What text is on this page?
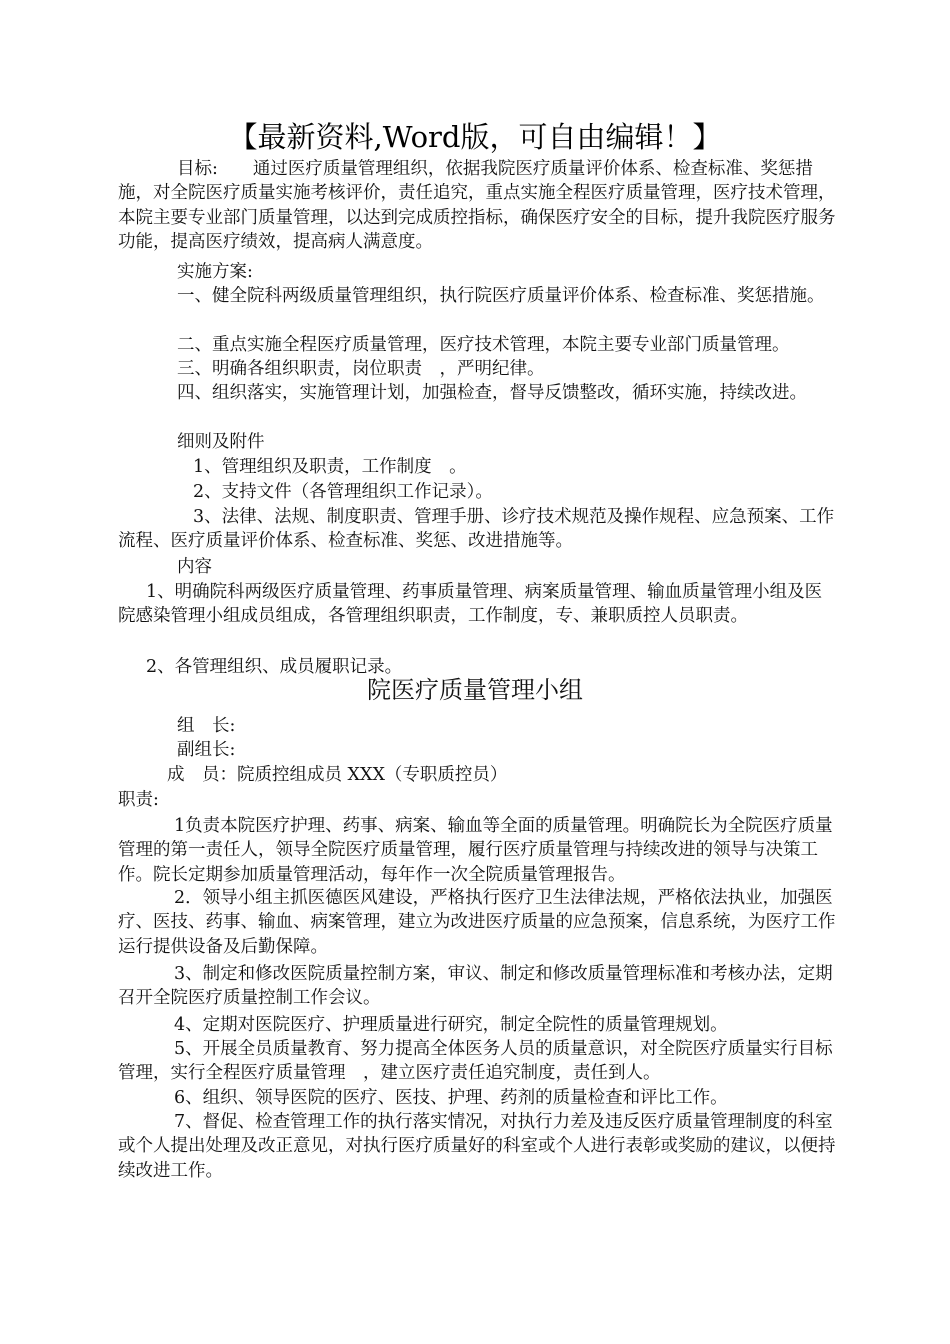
【最新资料,Word版，可自由编辑！】

目标:　　通过医疗质量管理组织，依据我院医疗质量评价体系、检查标准、奖惩措施，对全院医疗质量实施考核评价，责任追究，重点实施全程医疗质量管理，医疗技术管理，本院主要专业部门质量管理，以达到完成质控指标，确保医疗安全的目标，提升我院医疗服务功能，提高医疗绩效，提高病人满意度。

实施方案:

一、健全院科两级质量管理组织，执行院医疗质量评价体系、检查标准、奖惩措施。

二、重点实施全程医疗质量管理，医疗技术管理，本院主要专业部门质量管理。

三、明确各组织职责，岗位职责　，严明纪律。

四、组织落实，实施管理计划，加强检查，督导反馈整改，循环实施，持续改进。

细则及附件

1、管理组织及职责，工作制度　。

2、支持文件（各管理组织工作记录）。

3、法律、法规、制度职责、管理手册、诊疗技术规范及操作规程、应急预案、工作流程、医疗质量评价体系、检查标准、奖惩、改进措施等。

内容

1、明确院科两级医疗质量管理、药事质量管理、病案质量管理、输血质量管理小组及医院感染管理小组成员组成，各管理组织职责，工作制度，专、兼职质控人员职责。

2、各管理组织、成员履职记录。

院医疗质量管理小组

组　长:

副组长:

成　员：院质控组成员 XXX（专职质控员）

职责:

1负责本院医疗护理、药事、病案、输血等全面的质量管理。明确院长为全院医疗质量管理的第一责任人，领导全院医疗质量管理，履行医疗质量管理与持续改进的领导与决策工作。院长定期参加质量管理活动，每年作一次全院质量管理报告。

2．领导小组主抓医德医风建设，严格执行医疗卫生法律法规，严格依法执业，加强医疗、医技、药事、输血、病案管理，建立为改进医疗质量的应急预案，信息系统，为医疗工作运行提供设备及后勤保障。

3、制定和修改医院质量控制方案，审议、制定和修改质量管理标准和考核办法，定期召开全院医疗质量控制工作会议。

4、定期对医院医疗、护理质量进行研究，制定全院性的质量管理规划。

5、开展全员质量教育、努力提高全体医务人员的质量意识，对全院医疗质量实行目标管理，实行全程医疗质量管理　，建立医疗责任追究制度，责任到人。

6、组织、领导医院的医疗、医技、护理、药剂的质量检查和评比工作。

7、督促、检查管理工作的执行落实情况，对执行力差及违反医疗质量管理制度的科室或个人提出处理及改正意见，对执行医疗质量好的科室或个人进行表彰或奖励的建议，以便持续改进工作。
